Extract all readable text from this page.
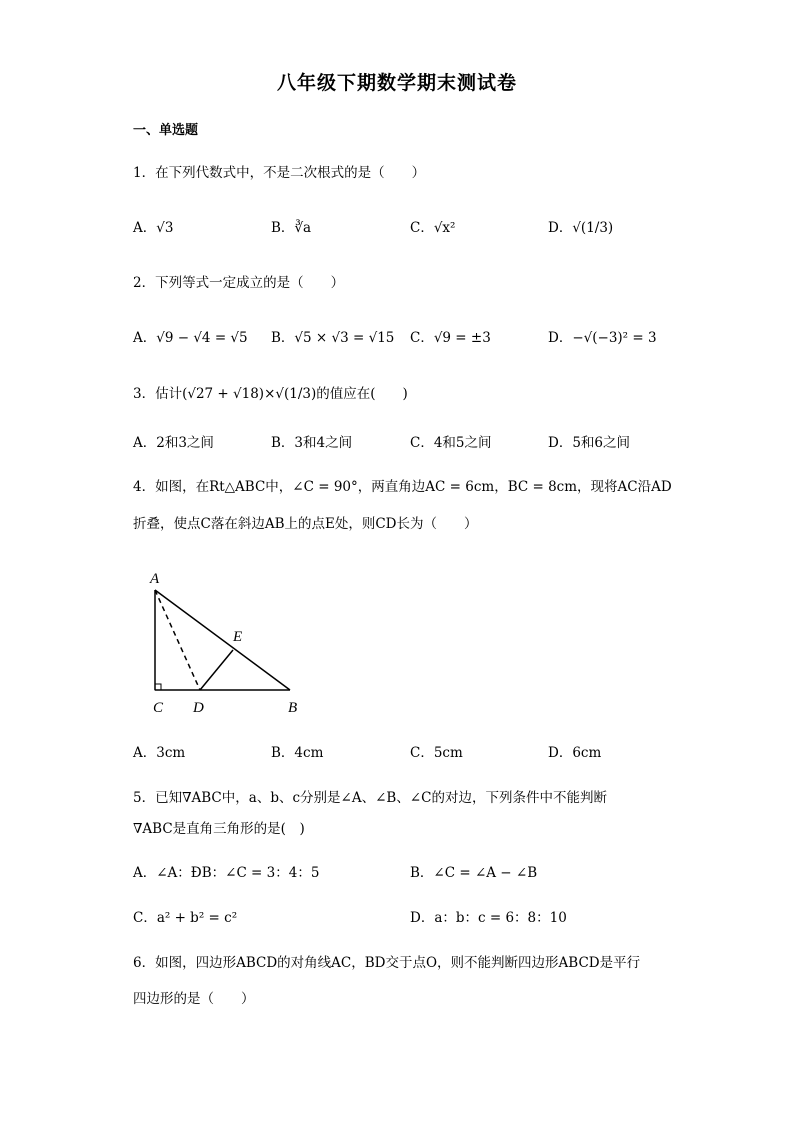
八年级下期数学期末测试卷
一、单选题
1．在下列代数式中，不是二次根式的是（　　）
A．√3	B．∛a	C．√x²	D．√(1/3)
2．下列等式一定成立的是（　　）
A．√9 − √4 = √5 B．√5 × √3 = √15 C．√9 = ±3	D．−√(−3)² = 3
3．估计(√27 + √18)×√(1/3)的值应在(　　)
A．2和3之间	B．3和4之间	C．4和5之间	D．5和6之间
4．如图，在Rt△ABC中，∠C = 90°，两直角边AC = 6cm，BC = 8cm，现将AC沿AD
折叠，使点C落在斜边AB上的点E处，则CD长为（　　）
A
E
C D	B
A．3cm	B．4cm	C．5cm	D．6cm
5．已知∇ABC中，a、b、c分别是∠A、∠B、∠C的对边，下列条件中不能判断
∇ABC是直角三角形的是(　)
A．∠A：ÐB：∠C = 3：4：5	B．∠C = ∠A − ∠B
C．a² + b² = c²	D．a：b：c = 6：8：10
6．如图，四边形ABCD的对角线AC，BD交于点O，则不能判断四边形ABCD是平行
四边形的是（　　）
